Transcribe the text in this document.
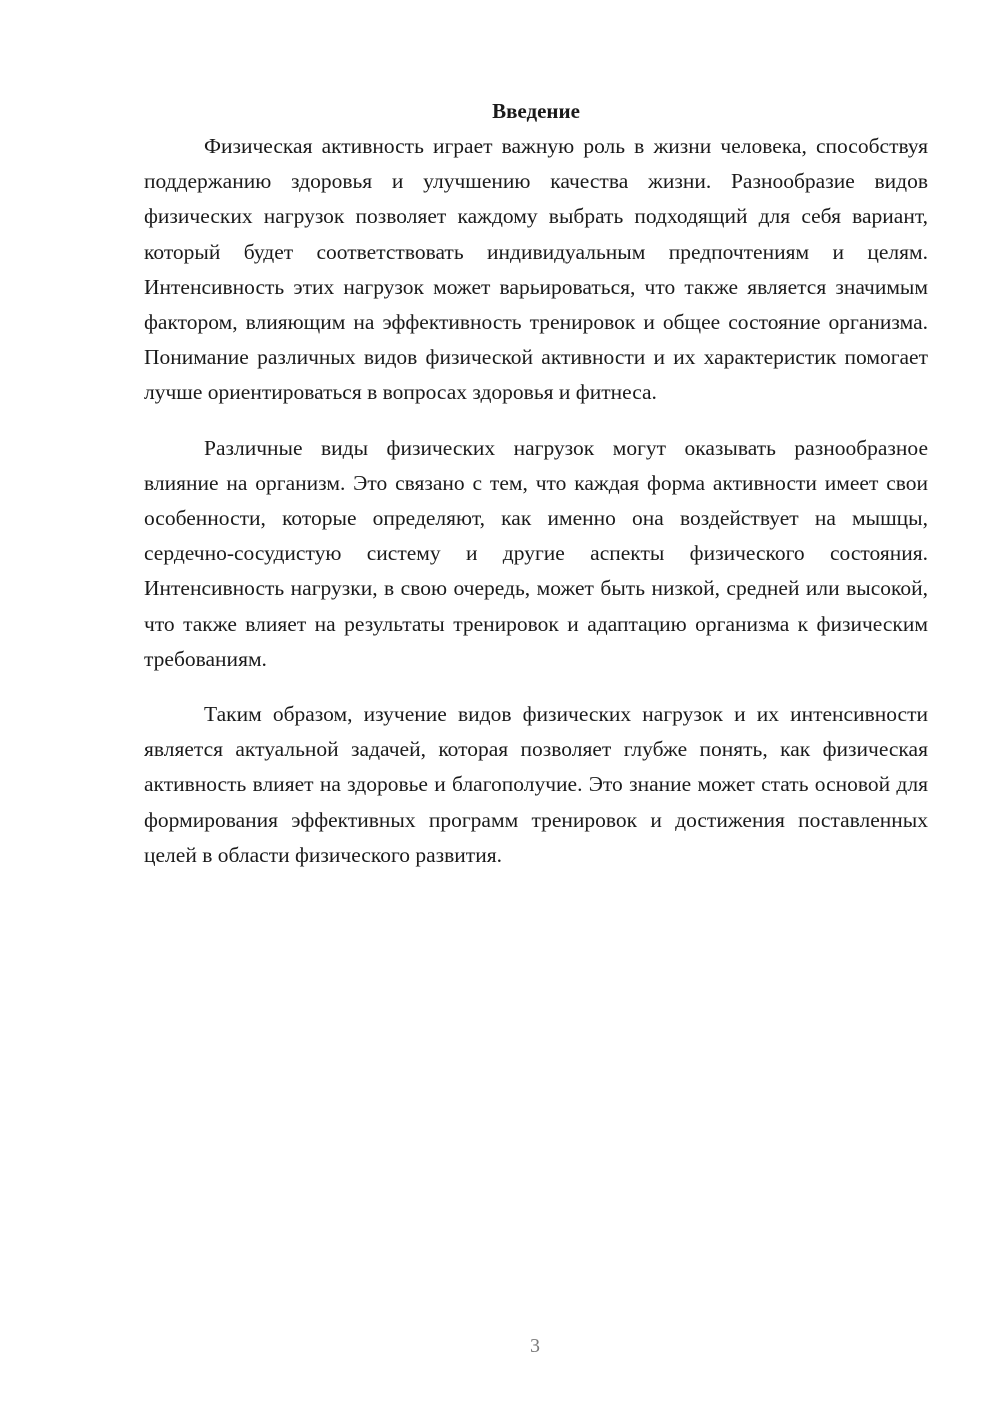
Введение

Физическая активность играет важную роль в жизни человека, способствуя поддержанию здоровья и улучшению качества жизни. Разнообразие видов физических нагрузок позволяет каждому выбрать подходящий для себя вариант, который будет соответствовать индивидуальным предпочтениям и целям. Интенсивность этих нагрузок может варьироваться, что также является значимым фактором, влияющим на эффективность тренировок и общее состояние организма. Понимание различных видов физической активности и их характеристик помогает лучше ориентироваться в вопросах здоровья и фитнеса.

Различные виды физических нагрузок могут оказывать разнообразное влияние на организм. Это связано с тем, что каждая форма активности имеет свои особенности, которые определяют, как именно она воздействует на мышцы, сердечно-сосудистую систему и другие аспекты физического состояния. Интенсивность нагрузки, в свою очередь, может быть низкой, средней или высокой, что также влияет на результаты тренировок и адаптацию организма к физическим требованиям.

Таким образом, изучение видов физических нагрузок и их интенсивности является актуальной задачей, которая позволяет глубже понять, как физическая активность влияет на здоровье и благополучие. Это знание может стать основой для формирования эффективных программ тренировок и достижения поставленных целей в области физического развития.

3
